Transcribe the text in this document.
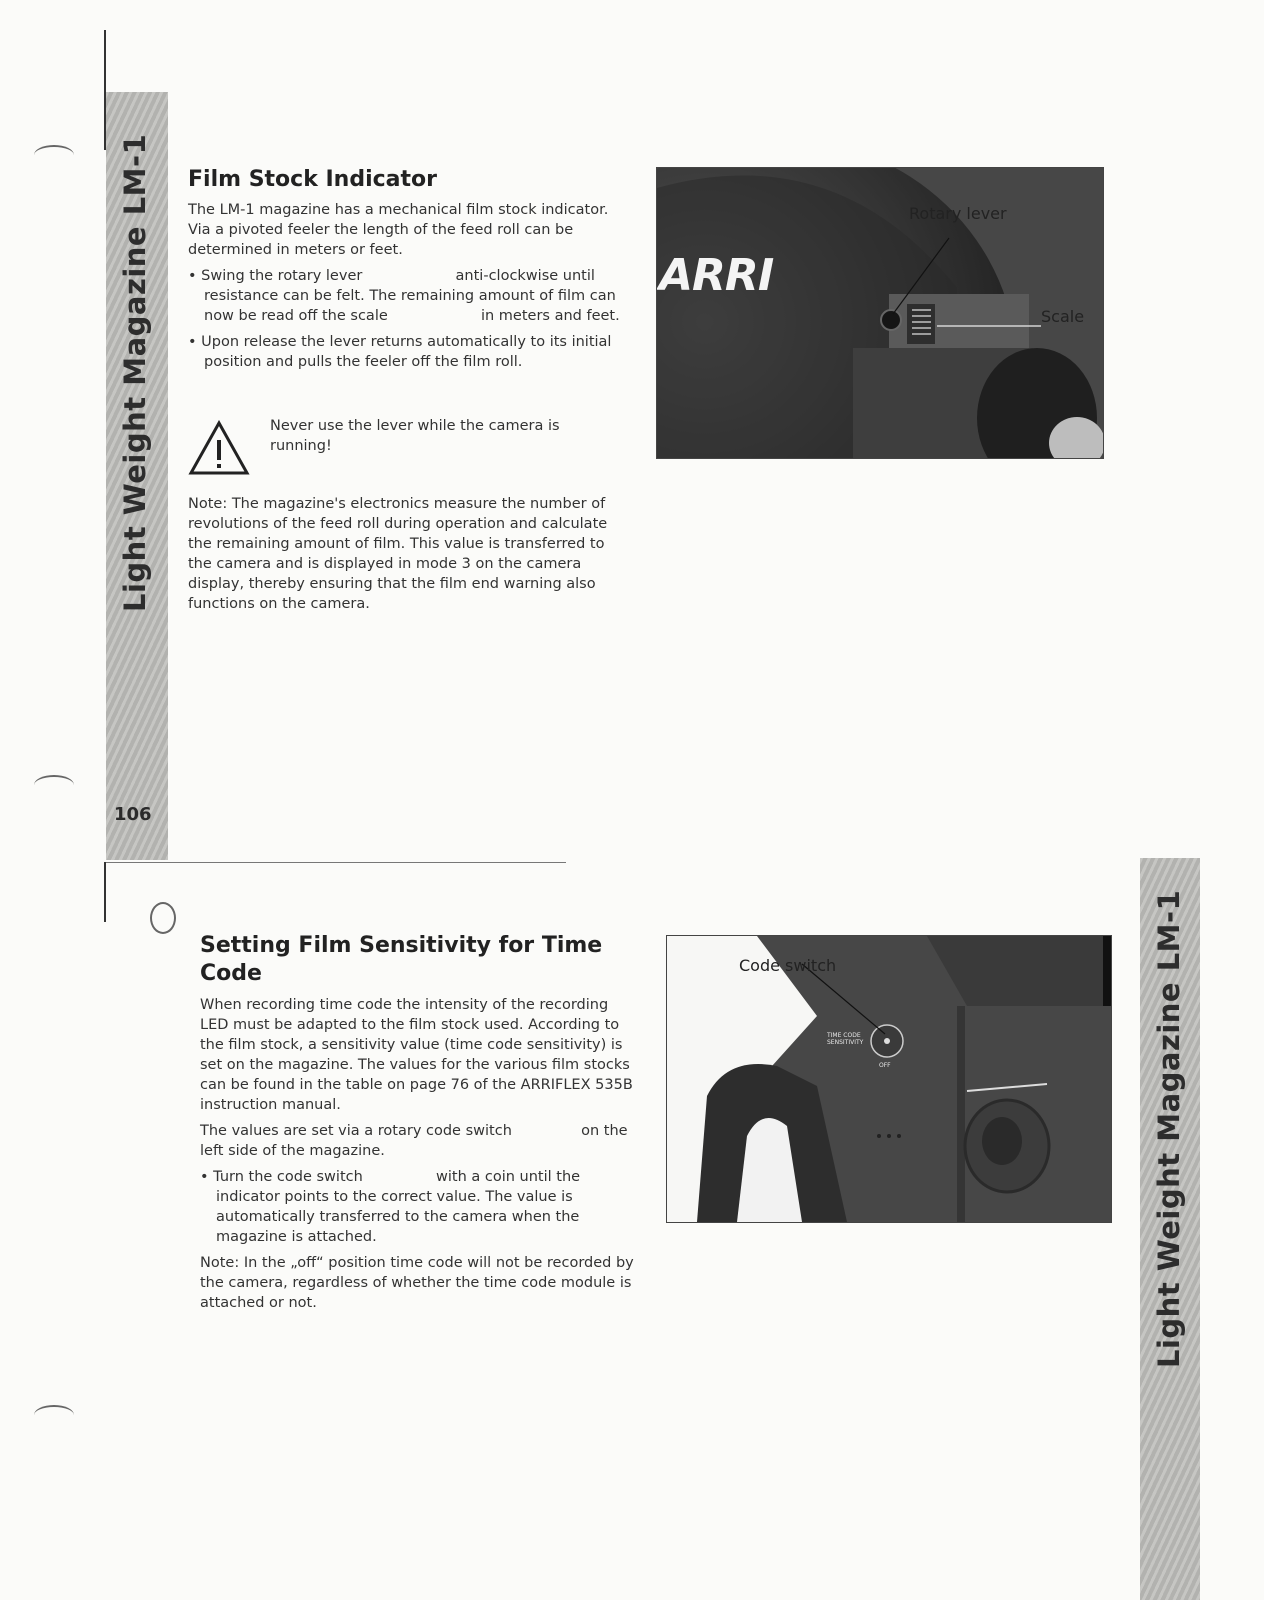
Light Weight Magazine LM-1
106
Film Stock Indicator

The LM-1 magazine has a mechanical film stock indicator. Via a pivoted feeler the length of the feed roll can be determined in meters or feet.

• Swing the rotary lever	anti-clockwise until resistance can be felt. The remaining amount of film can now be read off the scale	in meters and feet.

• Upon release the lever returns automatically to its initial position and pulls the feeler off the film roll.

Never use the lever while the camera is running!

Note: The magazine's electronics measure the number of revolutions of the feed roll during operation and calculate the remaining amount of film. This value is transferred to the camera and is displayed in mode 3 on the camera display, thereby ensuring that the film end warning also functions on the camera.

ARRI
Rotary lever
Scale
Setting Film Sensitivity for Time Code

When recording time code the intensity of the recording LED must be adapted to the film stock used. According to the film stock, a sensitivity value (time code sensitivity) is set on the magazine. The values for the various film stocks can be found in the table on page 76 of the ARRIFLEX 535B instruction manual.

The values are set via a rotary code switch	on the left side of the magazine.

• Turn the code switch	with a coin until the indicator points to the correct value. The value is automatically transferred to the camera when the magazine is attached.

Note: In the „off“ position time code will not be recorded by the camera, regardless of whether the time code module is attached or not.

Code switch
TIME CODE SENSITIVITY
OFF	Light Weight Magazine LM-1
